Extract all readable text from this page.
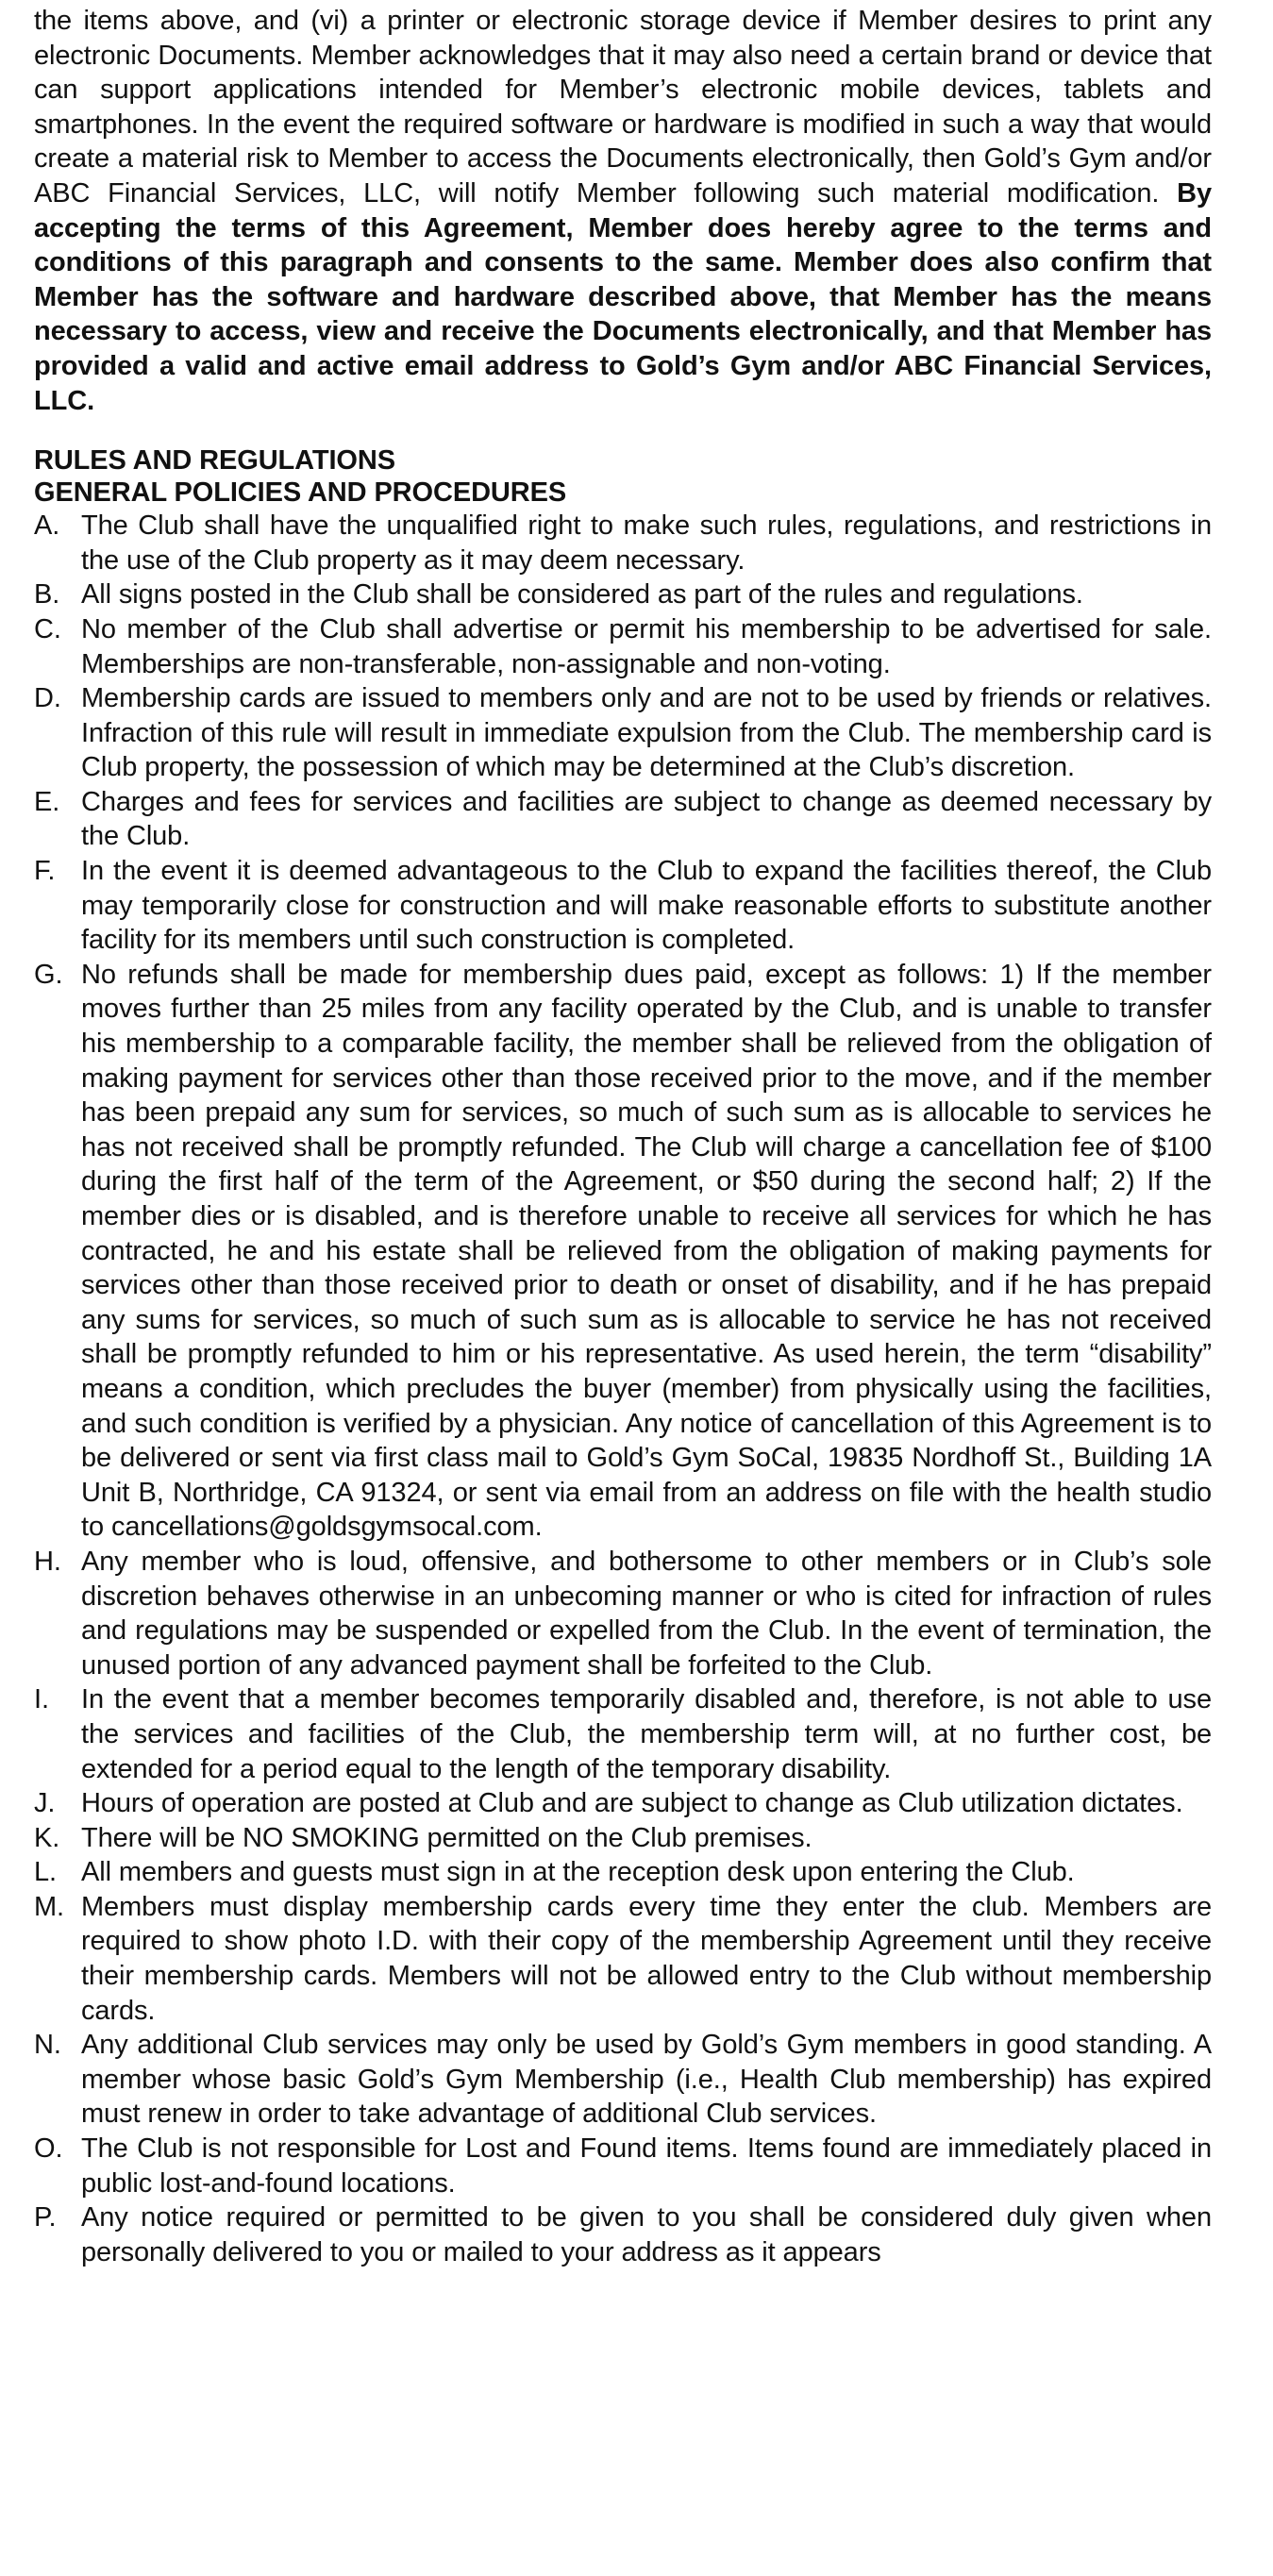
the items above, and (vi) a printer or electronic storage device if Member desires to print any electronic Documents. Member acknowledges that it may also need a certain brand or device that can support applications intended for Member’s electronic mobile devices, tablets and smartphones. In the event the required software or hardware is modified in such a way that would create a material risk to Member to access the Documents electronically, then Gold’s Gym and/or ABC Financial Services, LLC, will notify Member following such material modification. By accepting the terms of this Agreement, Member does hereby agree to the terms and conditions of this paragraph and consents to the same. Member does also confirm that Member has the software and hardware described above, that Member has the means necessary to access, view and receive the Documents electronically, and that Member has provided a valid and active email address to Gold’s Gym and/or ABC Financial Services, LLC.

RULES AND REGULATIONS

GENERAL POLICIES AND PROCEDURES

A. The Club shall have the unqualified right to make such rules, regulations, and restrictions in the use of the Club property as it may deem necessary.
B. All signs posted in the Club shall be considered as part of the rules and regulations.
C. No member of the Club shall advertise or permit his membership to be advertised for sale. Memberships are non-transferable, non-assignable and non-voting.
D. Membership cards are issued to members only and are not to be used by friends or relatives. Infraction of this rule will result in immediate expulsion from the Club. The membership card is Club property, the possession of which may be determined at the Club’s discretion.
E. Charges and fees for services and facilities are subject to change as deemed necessary by the Club.
F. In the event it is deemed advantageous to the Club to expand the facilities thereof, the Club may temporarily close for construction and will make reasonable efforts to substitute another facility for its members until such construction is completed.
G. No refunds shall be made for membership dues paid, except as follows: 1) If the member moves further than 25 miles from any facility operated by the Club, and is unable to transfer his membership to a comparable facility, the member shall be relieved from the obligation of making payment for services other than those received prior to the move, and if the member has been prepaid any sum for services, so much of such sum as is allocable to services he has not received shall be promptly refunded. The Club will charge a cancellation fee of $100 during the first half of the term of the Agreement, or $50 during the second half; 2) If the member dies or is disabled, and is therefore unable to receive all services for which he has contracted, he and his estate shall be relieved from the obligation of making payments for services other than those received prior to death or onset of disability, and if he has prepaid any sums for services, so much of such sum as is allocable to service he has not received shall be promptly refunded to him or his representative. As used herein, the term “disability” means a condition, which precludes the buyer (member) from physically using the facilities, and such condition is verified by a physician. Any notice of cancellation of this Agreement is to be delivered or sent via first class mail to Gold’s Gym SoCal, 19835 Nordhoff St., Building 1A Unit B, Northridge, CA 91324, or sent via email from an address on file with the health studio to cancellations@goldsgymsocal.com.
H. Any member who is loud, offensive, and bothersome to other members or in Club’s sole discretion behaves otherwise in an unbecoming manner or who is cited for infraction of rules and regulations may be suspended or expelled from the Club. In the event of termination, the unused portion of any advanced payment shall be forfeited to the Club.
I.	In the event that a member becomes temporarily disabled and, therefore, is not able to use the services and facilities of the Club, the membership term will, at no further cost, be extended for a period equal to the length of the temporary disability.
J. Hours of operation are posted at Club and are subject to change as Club utilization dictates.
K. There will be NO SMOKING permitted on the Club premises.
L. All members and guests must sign in at the reception desk upon entering the Club.
M. Members must display membership cards every time they enter the club. Members are required to show photo I.D. with their copy of the membership Agreement until they receive their membership cards. Members will not be allowed entry to the Club without membership cards.
N. Any additional Club services may only be used by Gold’s Gym members in good standing. A member whose basic Gold’s Gym Membership (i.e., Health Club membership) has expired must renew in order to take advantage of additional Club services.
O. The Club is not responsible for Lost and Found items. Items found are immediately placed in public lost-and-found locations.
P. Any notice required or permitted to be given to you shall be considered duly given when personally delivered to you or mailed to your address as it appears
